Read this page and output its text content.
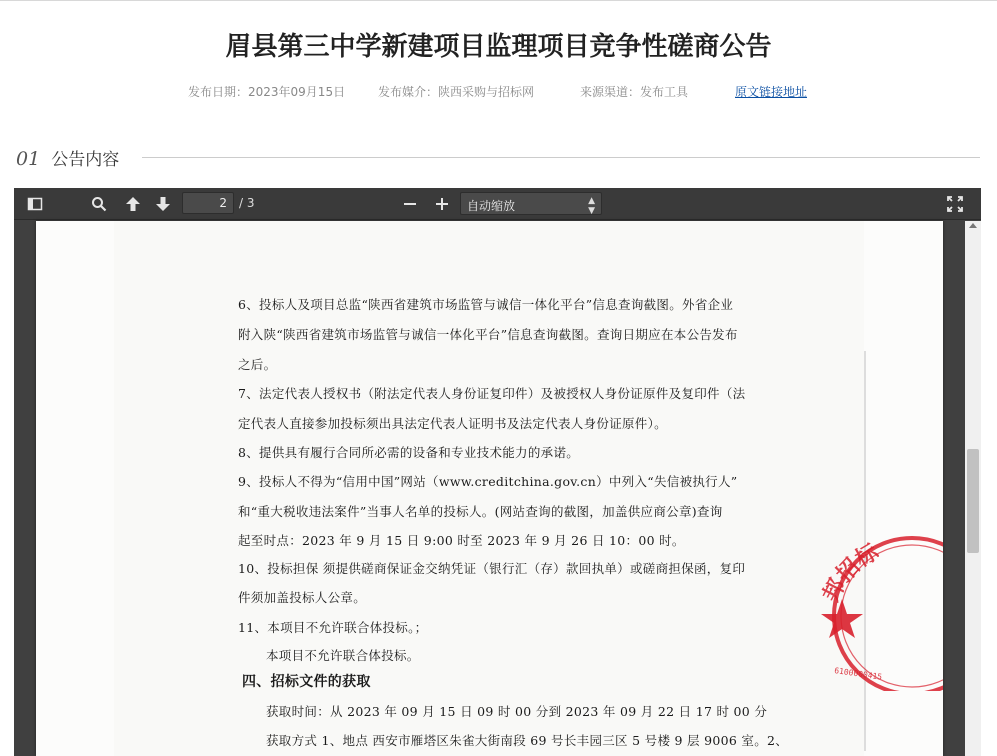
眉县第三中学新建项目监理项目竞争性磋商公告
发布日期：2023年09月15日	发布媒介：陕西采购与招标网	来源渠道：发布工具	原文链接地址
01 公告内容
2	/ 3	自动缩放	▲
▼
6、投标人及项目总监“陕西省建筑市场监管与诚信一体化平台”信息查询截图。外省企业
附入陕“陕西省建筑市场监管与诚信一体化平台”信息查询截图。查询日期应在本公告发布
之后。
7、法定代表人授权书（附法定代表人身份证复印件）及被授权人身份证原件及复印件（法
定代表人直接参加投标须出具法定代表人证明书及法定代表人身份证原件）。
8、提供具有履行合同所必需的设备和专业技术能力的承诺。
9、投标人不得为“信用中国”网站（www.creditchina.gov.cn）中列入“失信被执行人”
和“重大税收违法案件”当事人名单的投标人。(网站查询的截图，加盖供应商公章)查询
起至时点：2023 年 9 月 15 日 9:00 时至 2023 年 9 月 26 日 10：00 时。
10、投标担保 须提供磋商保证金交纳凭证（银行汇（存）款回执单）或磋商担保函，复印
件须加盖投标人公章。
11、本项目不允许联合体投标。；
本项目不允许联合体投标。
四、招标文件的获取
获取时间：从 2023 年 09 月 15 日 09 时 00 分到 2023 年 09 月 22 日 17 时 00 分
获取方式 1、地点 西安市雁塔区朱雀大街南段 69 号长丰园三区 5 号楼 9 层 9006 室。2、
邦招标
6100000415
